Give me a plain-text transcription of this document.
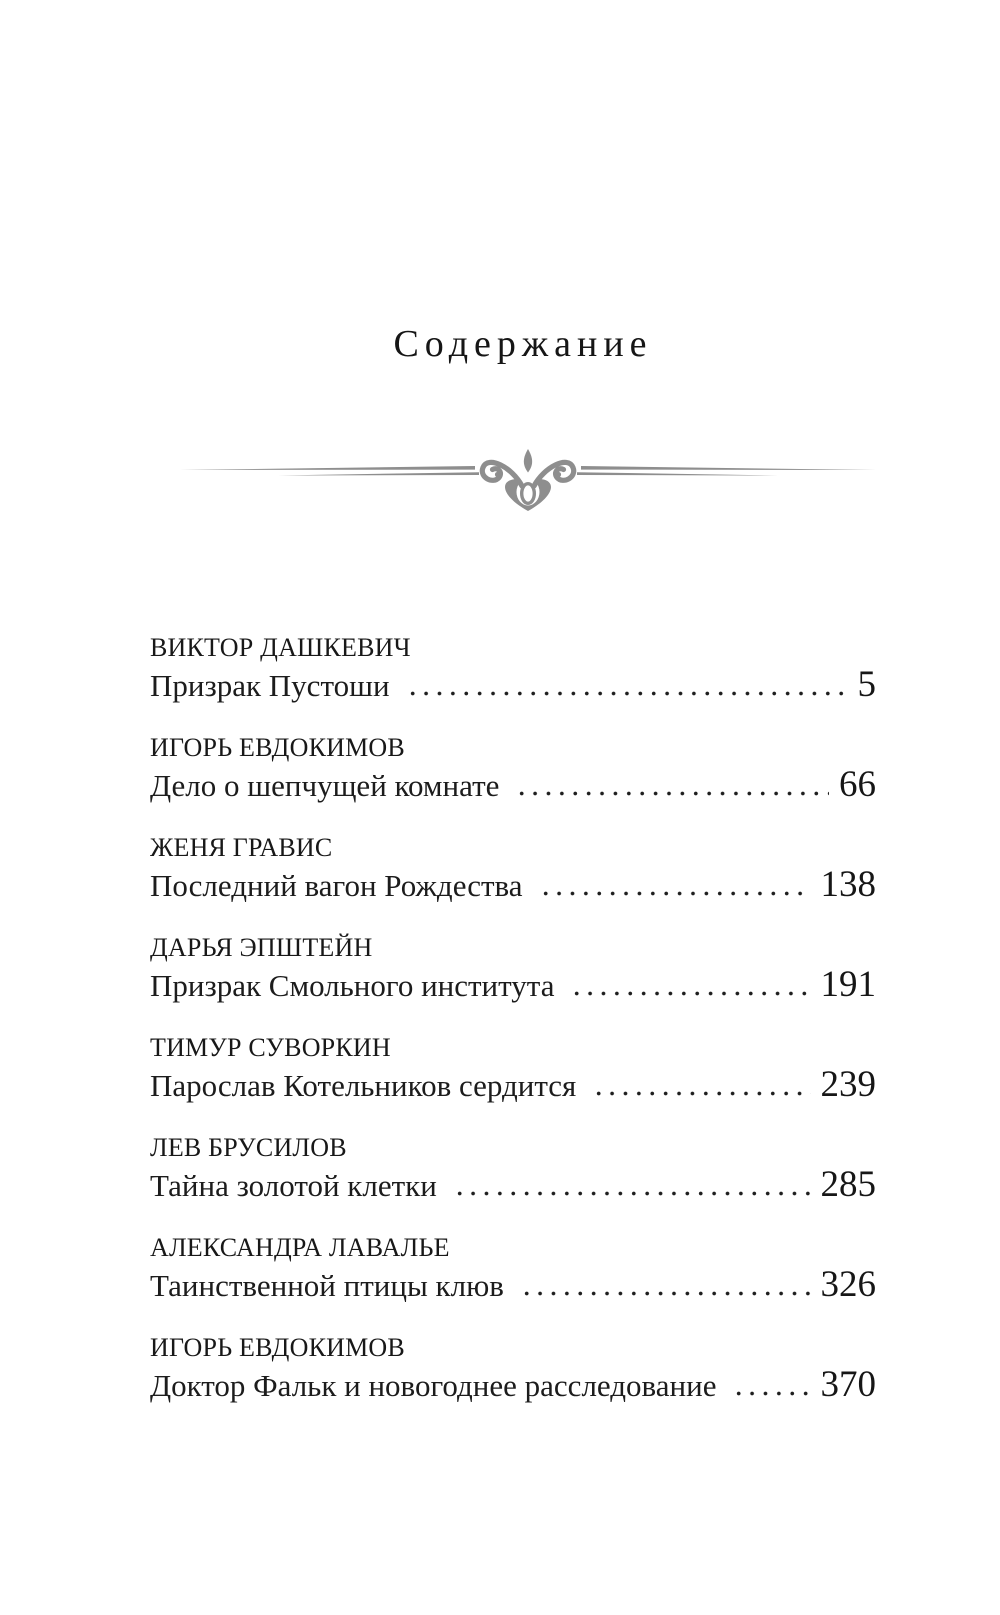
Содержание
ВИКТОР ДАШКЕВИЧ
Призрак Пустоши	5
ИГОРЬ ЕВДОКИМОВ
Дело о шепчущей комнате	66
ЖЕНЯ ГРАВИС
Последний вагон Рождества	138
ДАРЬЯ ЭПШТЕЙН
Призрак Смольного института	191
ТИМУР СУВОРКИН
Парослав Котельников сердится	239
ЛЕВ БРУСИЛОВ
Тайна золотой клетки	285
АЛЕКСАНДРА ЛАВАЛЬЕ
Таинственной птицы клюв	326
ИГОРЬ ЕВДОКИМОВ
Доктор Фальк и новогоднее расследование	370
